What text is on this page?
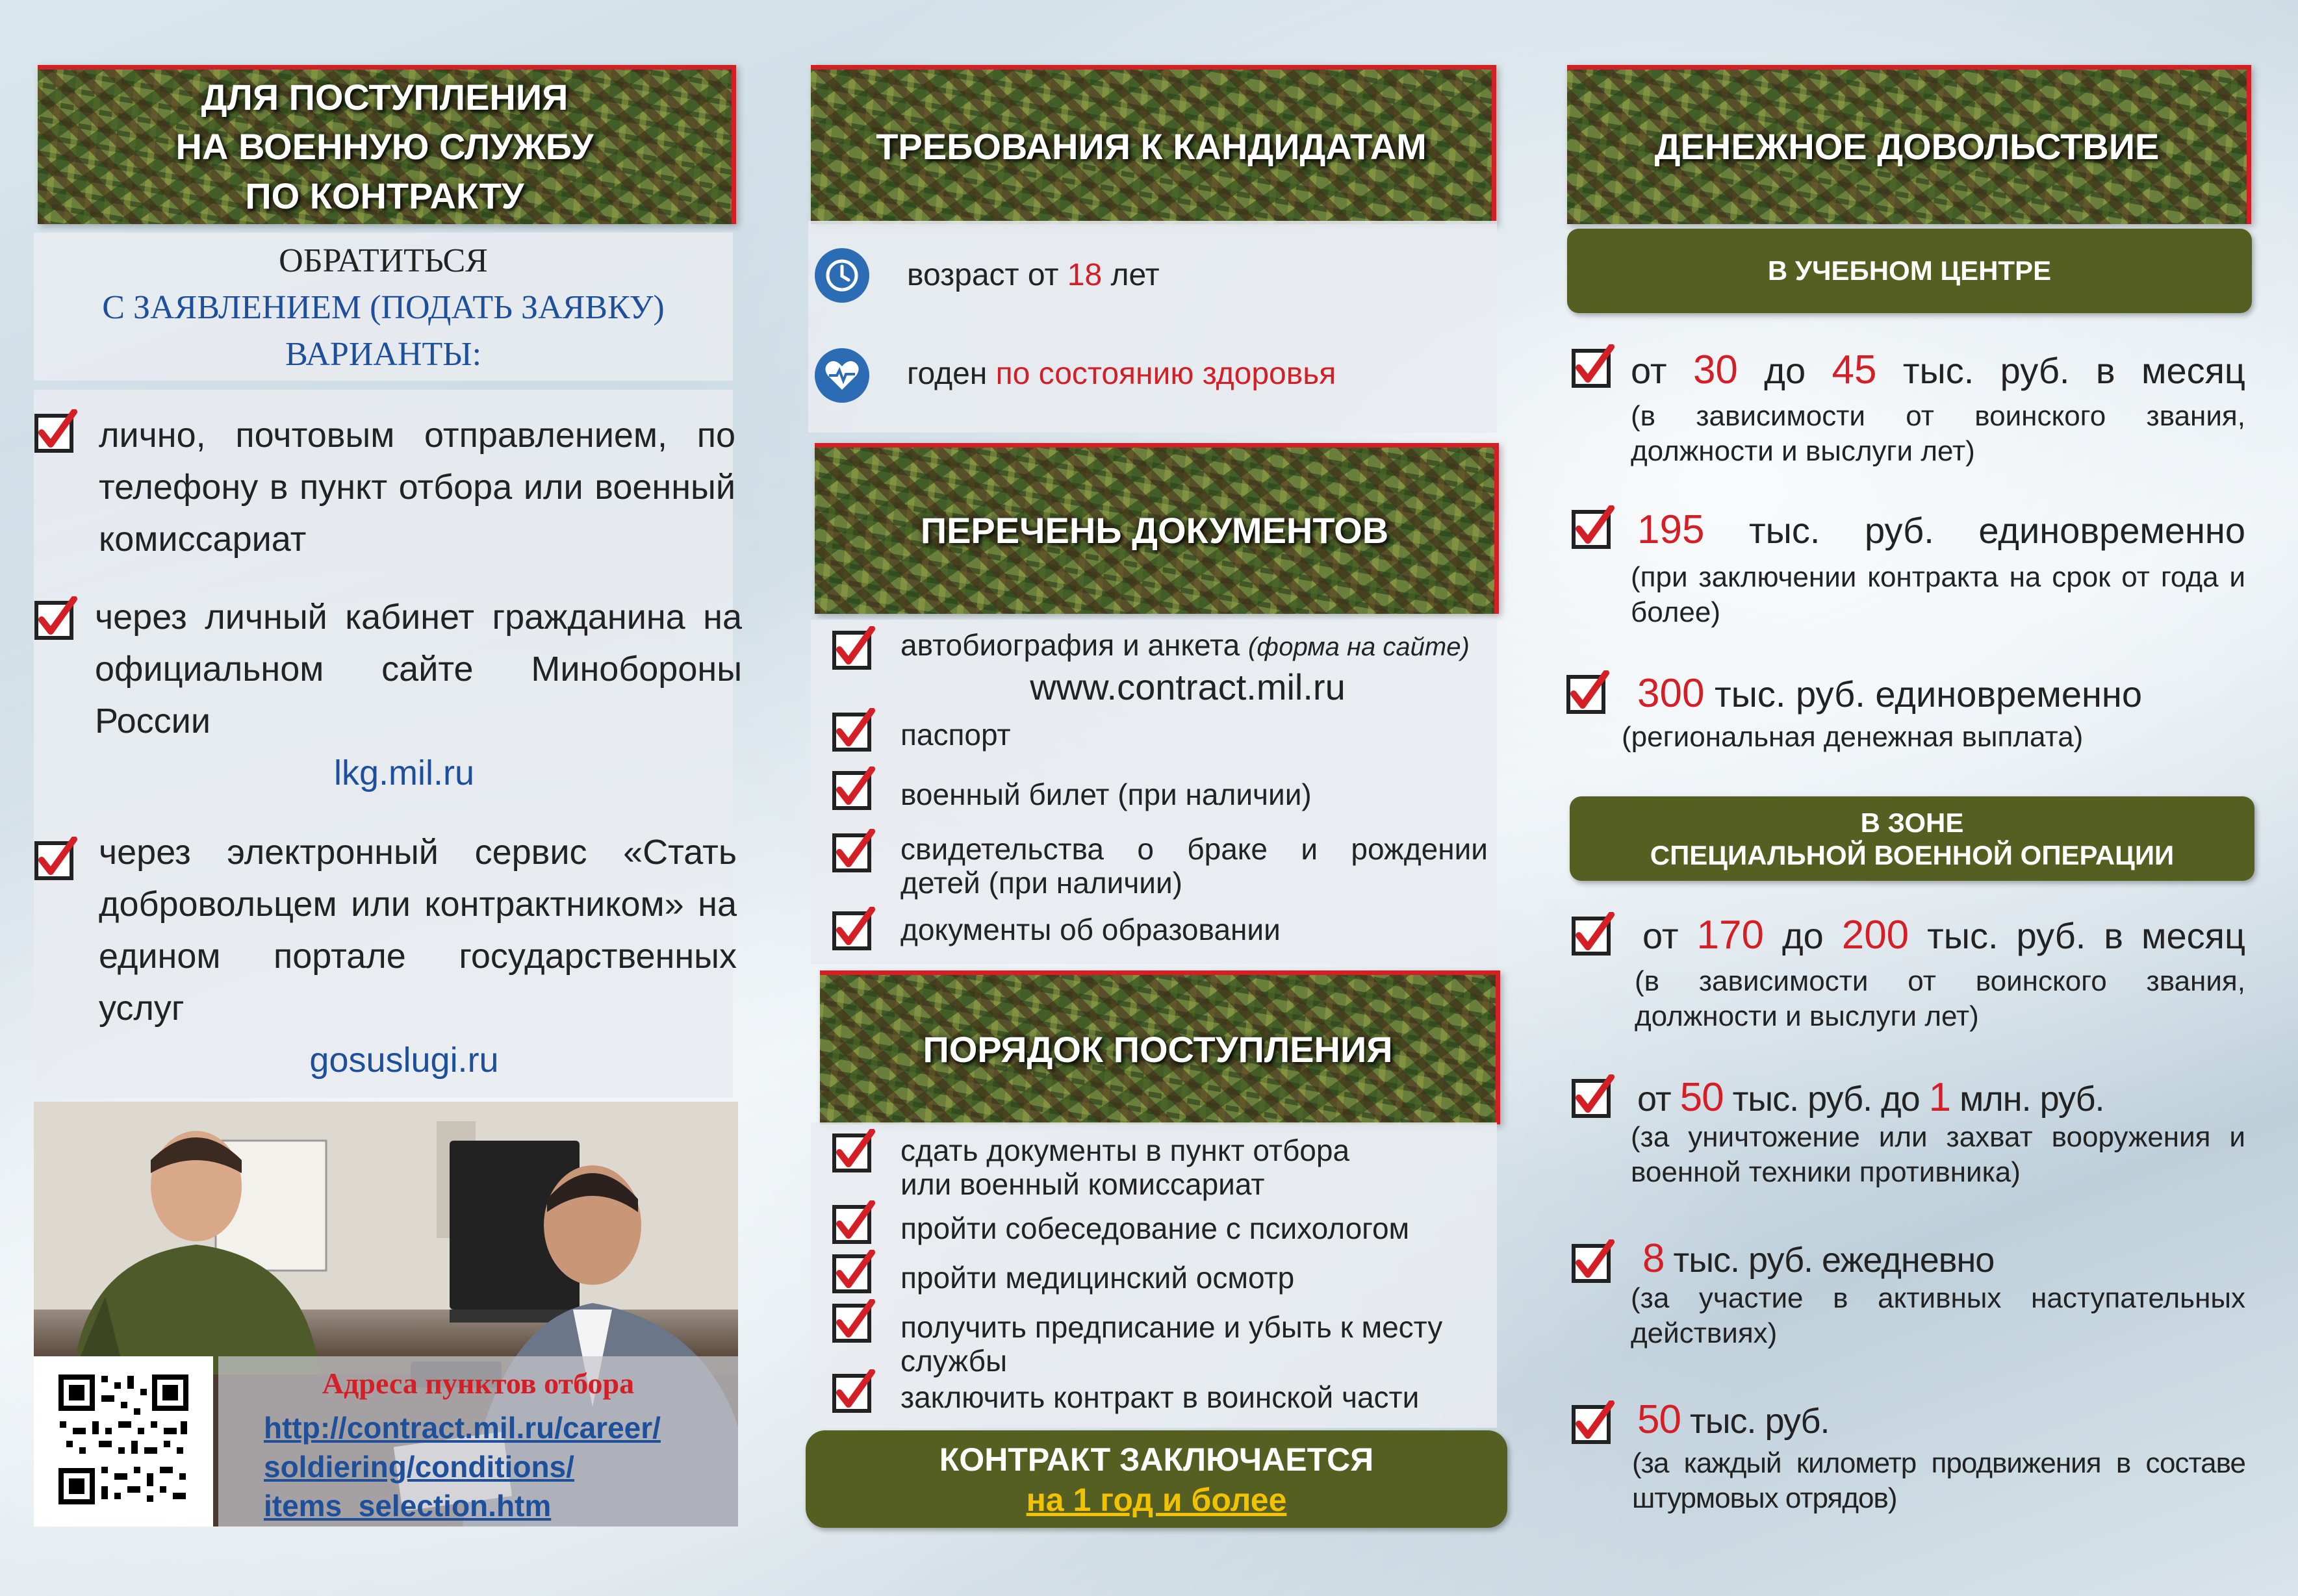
ДЛЯ ПОСТУПЛЕНИЯ
НА ВОЕННУЮ СЛУЖБУ
ПО КОНТРАКТУ
ОБРАТИТЬСЯ
С ЗАЯВЛЕНИЕМ (ПОДАТЬ ЗАЯВКУ)
ВАРИАНТЫ:
лично, почтовым отправлением, по телефону в пункт отбора или военный комиссариат
через личный кабинет гражданина на официальном сайте Минобороны России
lkg.mil.ru
через электронный сервис «Стать добровольцем или контрактником» на едином портале государственных услуг
gosuslugi.ru
Адреса пунктов отбора
http://contract.mil.ru/career/
soldiering/conditions/
items_selection.htm
ТРЕБОВАНИЯ К КАНДИДАТАМ
возраст от 18 лет
годен по состоянию здоровья
ПЕРЕЧЕНЬ ДОКУМЕНТОВ
автобиография и анкета (форма на сайте)
www.contract.mil.ru
паспорт
военный билет (при наличии)
свидетельства о браке и рождении
детей (при наличии)
документы об образовании
ПОРЯДОК ПОСТУПЛЕНИЯ
сдать документы в пункт отбора
или военный комиссариат
пройти собеседование с психологом
пройти медицинский осмотр
получить предписание и убыть к месту
службы
заключить контракт в воинской части
КОНТРАКТ ЗАКЛЮЧАЕТСЯ
на 1 год и более
ДЕНЕЖНОЕ ДОВОЛЬСТВИЕ
В УЧЕБНОМ ЦЕНТРЕ
от 30 до 45 тыс. руб. в месяц
(в зависимости от воинского звания, должности и выслуги лет)
195 тыс. руб. единовременно
(при заключении контракта на срок от года и более)
300 тыс. руб. единовременно
(региональная денежная выплата)
В ЗОНЕ
СПЕЦИАЛЬНОЙ ВОЕННОЙ ОПЕРАЦИИ
от 170 до 200 тыс. руб. в месяц
(в зависимости от воинского звания, должности и выслуги лет)
от 50 тыс. руб. до 1 млн. руб.
(за уничтожение или захват вооружения и военной техники противника)
8 тыс. руб. ежедневно
(за участие в активных наступательных действиях)
50 тыс. руб.
(за каждый километр продвижения в составе штурмовых отрядов)
